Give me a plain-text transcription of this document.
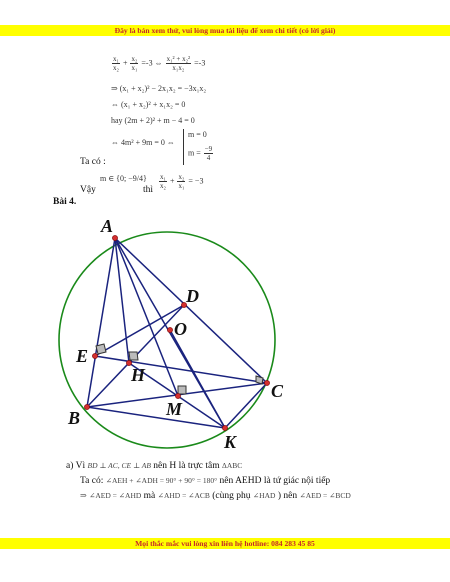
Đây là bản xem thử, vui lòng mua tài liệu để xem chi tiết (có lời giải)
$\frac{\text{x₁}}{\text{x₂}} + \frac{\text{x₂}}{\text{x₁}} =-3$ ⇔ $\frac{\text{x₁² + x₂²}}{\text{x₁x₂}} =-3$
⇒ (x₁ + x₂)² − 2x₁x₂ = −3x₁x₂
⇔ (x₁ + x₂)² + x₁x₂ = 0
hay (2m + 2)² + m − 4 = 0
⇔ 4m² + 9m = 0 ⇔
m = 0
$m = \frac{-9}{4}$
Ta có :
m ∈ {0; −9/4}
Vậy	thì $\frac{\text{x₁}}{\text{x₂}} + \frac{\text{x₂}}{\text{x₁}} = -3$
Bài 4.
A
B
C
D
E
H
K
M
O
a) Vì BD ⊥ AC, CE ⊥ AB nên H là trực tâm ΔABC
Ta có: ∠AEH + ∠ADH = 90° + 90° = 180° nên AEHD là tứ giác nội tiếp
⇒ ∠AED = ∠AHD mà ∠AHD = ∠ACB (cùng phụ ∠HAD ) nên ∠AED = ∠BCD
Mọi thắc mắc vui lòng xin liên hệ hotline: 084 283 45 85
